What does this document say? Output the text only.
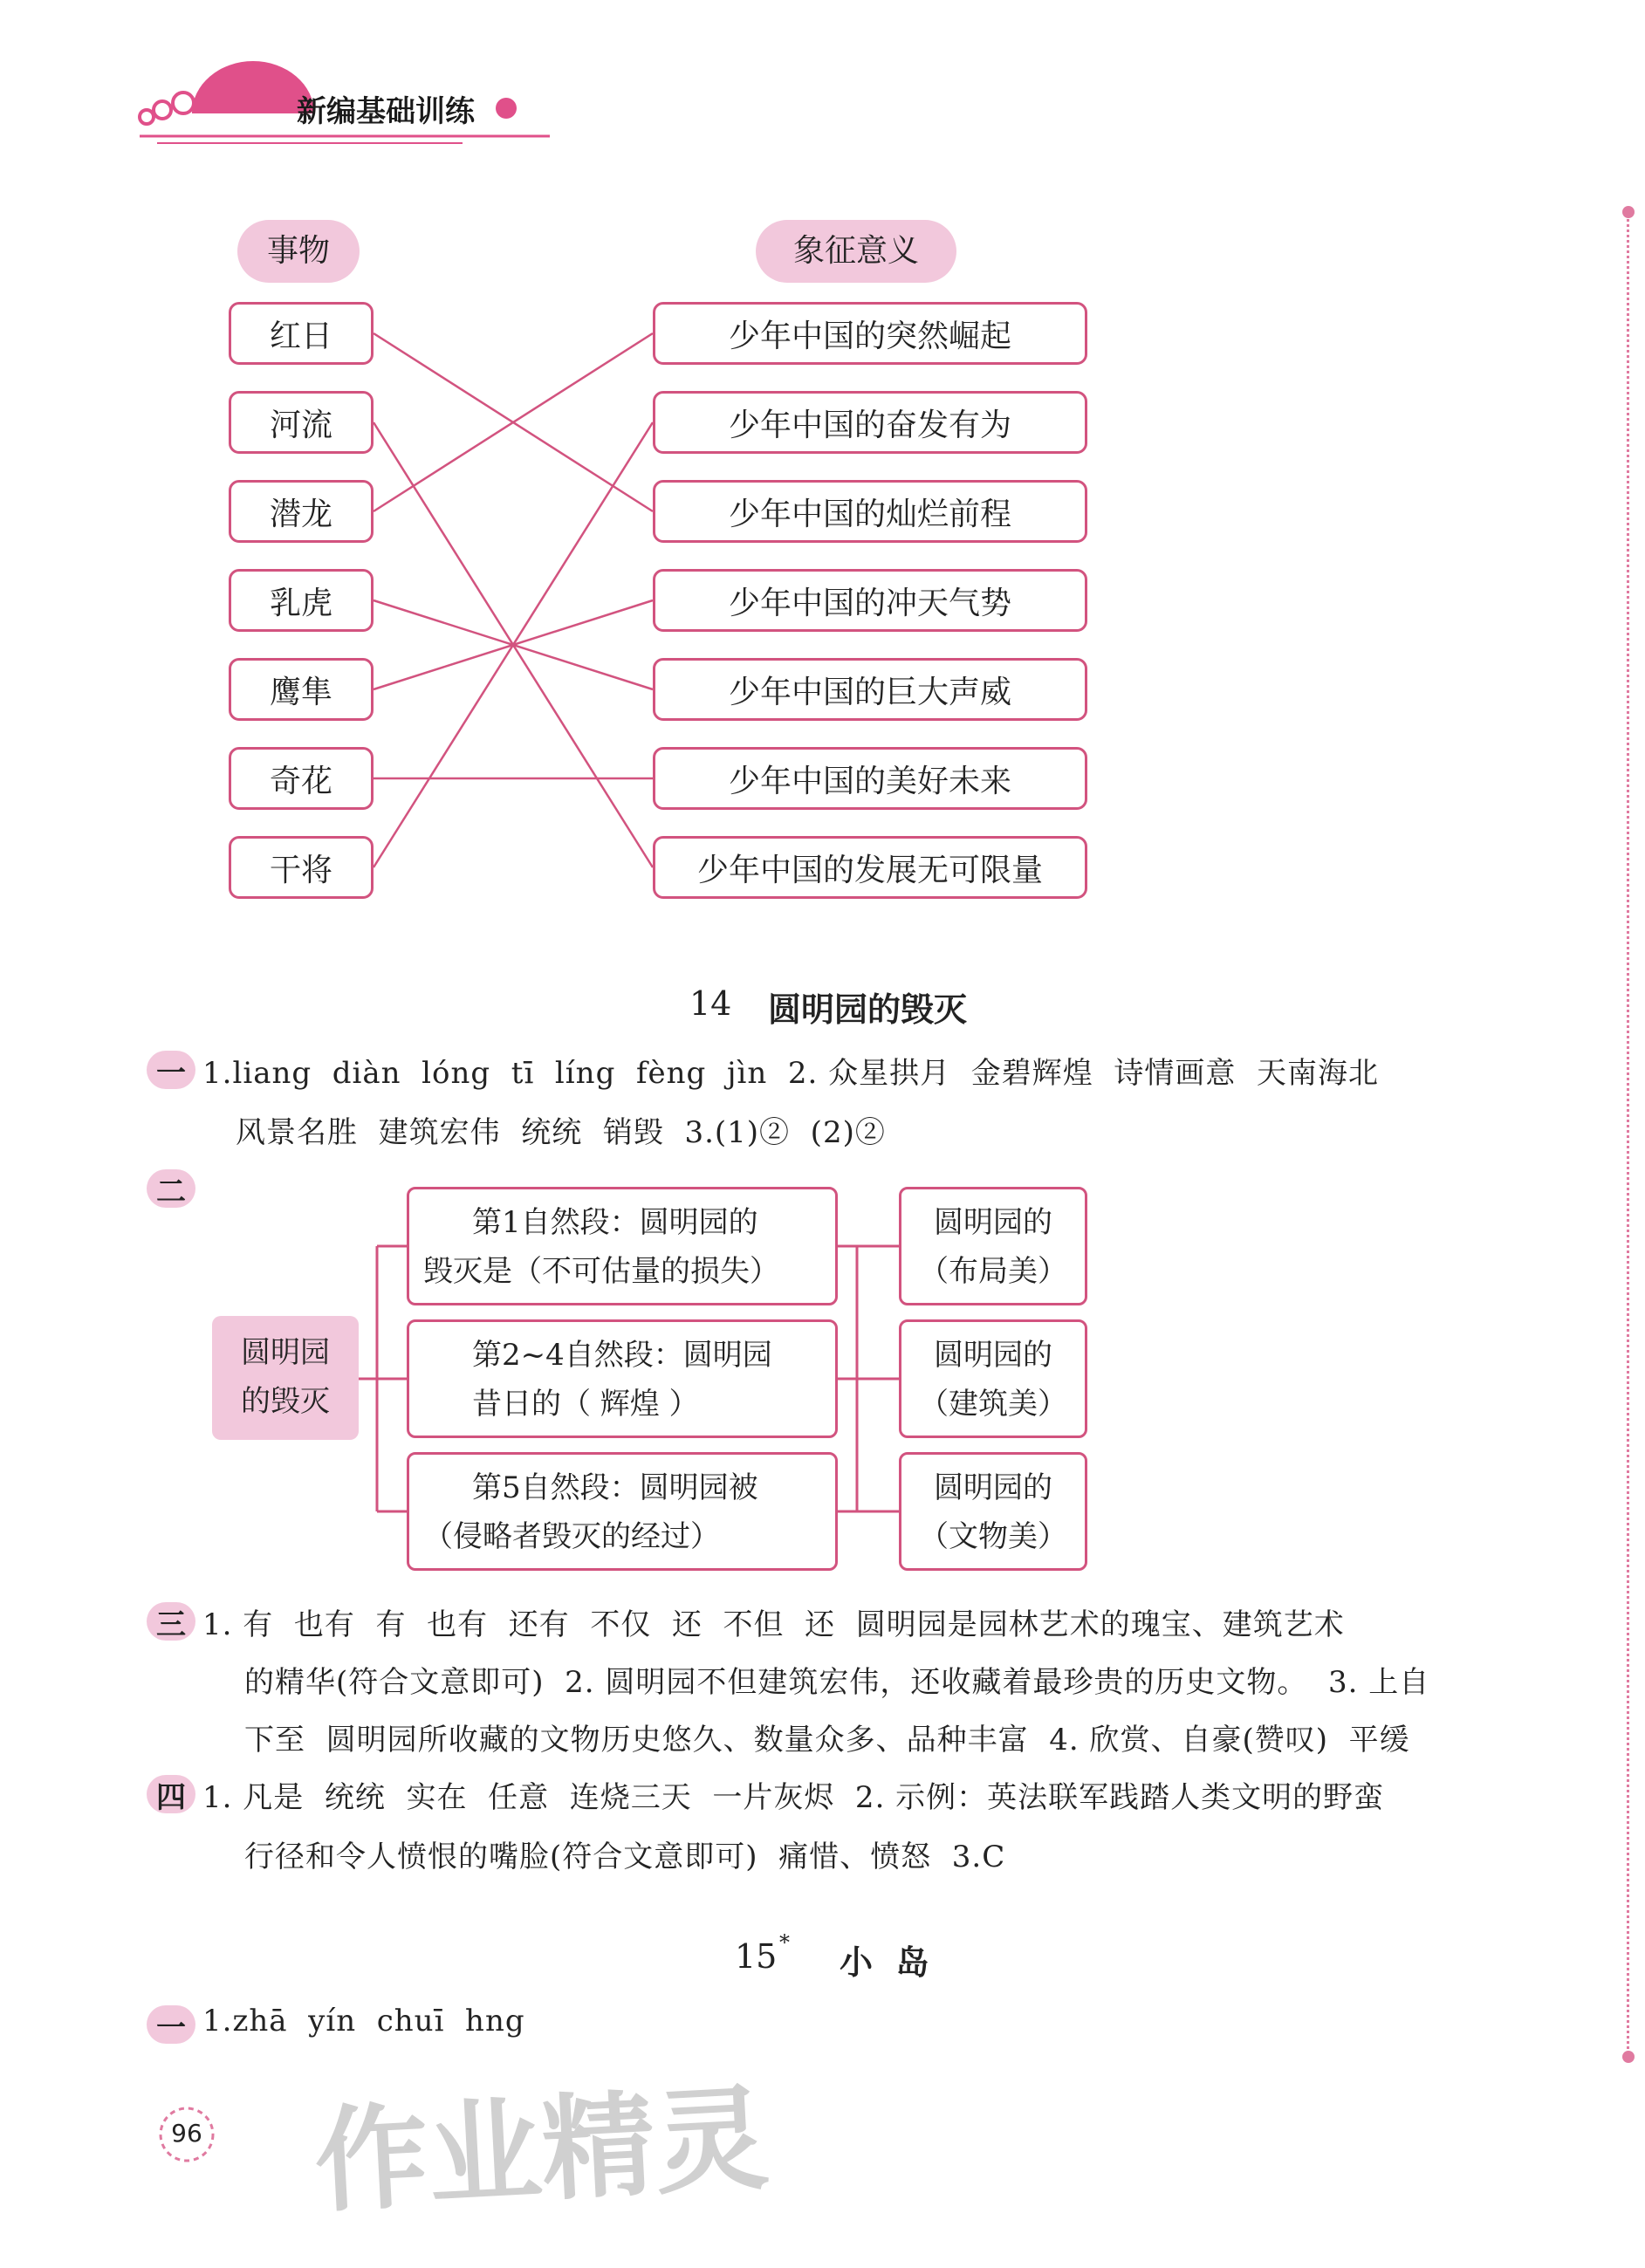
新编基础训练
事物	象征意义
红日
河流
潜龙
乳虎
鹰隼
奇花
干将
少年中国的突然崛起
少年中国的奋发有为
少年中国的灿烂前程
少年中国的冲天气势
少年中国的巨大声威
少年中国的美好未来
少年中国的发展无可限量
14 圆明园的毁灭
一 1.liang  diàn  lóng  tī  líng  fèng  jìn  2. 众星拱月  金碧辉煌  诗情画意  天南海北
风景名胜  建筑宏伟  统统  销毁  3.(1)②  (2)②
二
圆明园
的毁灭
第1自然段：圆明园的
毁灭是（不可估量的损失）
第2~4自然段：圆明园
昔日的（ 辉煌 ）
第5自然段：圆明园被
（侵略者毁灭的经过）
圆明园的
（布局美）
圆明园的
（建筑美）
圆明园的
（文物美）
三 1. 有  也有  有  也有  还有  不仅  还  不但  还  圆明园是园林艺术的瑰宝、建筑艺术
的精华(符合文意即可)  2. 圆明园不但建筑宏伟，还收藏着最珍贵的历史文物。  3. 上自
下至  圆明园所收藏的文物历史悠久、数量众多、品种丰富  4. 欣赏、自豪(赞叹)  平缓
四 1. 凡是  统统  实在  任意  连烧三天  一片灰烬  2. 示例：英法联军践踏人类文明的野蛮
行径和令人愤恨的嘴脸(符合文意即可)  痛惜、愤怒  3.C
15 * 小  岛
一 1.zhā  yín  chuī  hng
96 作业精灵
